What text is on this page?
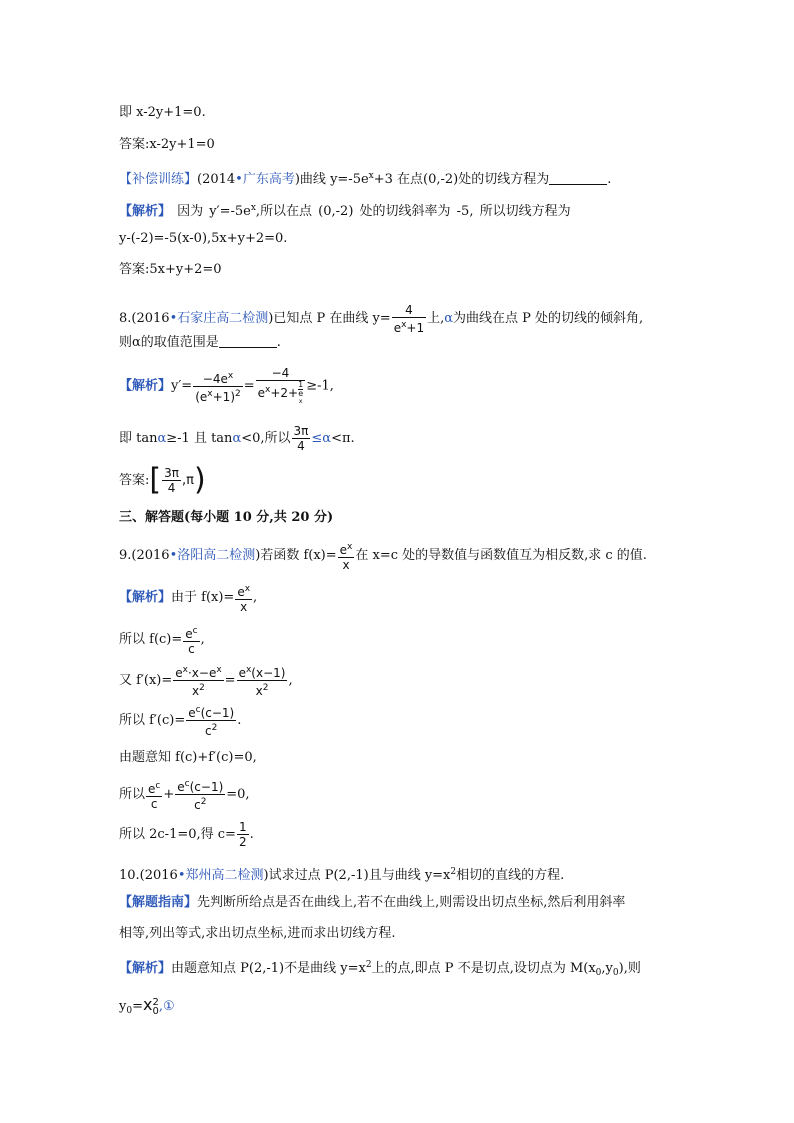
即 x-2y+1=0.
答案:x-2y+1=0
【补偿训练】(2014•广东高考)曲线 $y=-5e^x+3$ 在点(0,-2)处的切线方程为	.
【解析】 因为 $y'=-5e^x$,所以在点 (0,-2) 处的切线斜率为 -5, 所以切线方程为
y-(-2)=-5(x-0),5x+y+2=0.
答案:5x+y+2=0
8.(2016•石家庄高二检测)已知点 P 在曲线 $y= \frac{4}{e^x+1}$ 上,α为曲线在点 P 处的切线的倾斜角,
则α的取值范围是	.
【解析】$y'= \frac{-4e^x}{(e^x+1)^2} = -4$
$e^x+2+ 1$
e
x ≥-1,
即 tanα≥-1 且 tanα<0,所以 $\frac{3\pi}{4} \le\alpha<\pi$.
答案:[ $\frac{3\pi}{4} ,\pi$)
三、解答题(每小题 10 分,共 20 分)
9.(2016•洛阳高二检测)若函数 $f(x)= \frac{e^x}{x}$ 在 x=c 处的导数值与函数值互为相反数,求 c 的值.
【解析】由于 $f(x)= \frac{e^x}{x}$ ,
所以 $f(c)= \frac{e^c}{c}$ ,
又 $f'(x)= \frac{e^x\cdot x-e^x}{x^2} = \frac{e^x(x-1)}{x^2}$ ,
所以 $f'(c)= \frac{e^c(c-1)}{c^2}$ .
由题意知 f(c)+f′(c)=0,
所以 $\frac{e^c}{c} + \frac{e^c(c-1)}{c^2} =0$,
所以 2c-1=0,得 $c= \frac{1}{2}$ .
10.(2016•郑州高二检测)试求过点 P(2,-1)且与曲线 $y=x^2$相切的直线的方程.
【解题指南】先判断所给点是否在曲线上,若不在曲线上,则需设出切点坐标,然后利用斜率
相等,列出等式,求出切点坐标,进而求出切线方程.
【解析】由题意知点 P(2,-1)不是曲线 $y=x^2$上的点,即点 P 不是切点,设切点为 $M(x_0,y_0)$,则
$y_0=x$ 2
0 ,①
